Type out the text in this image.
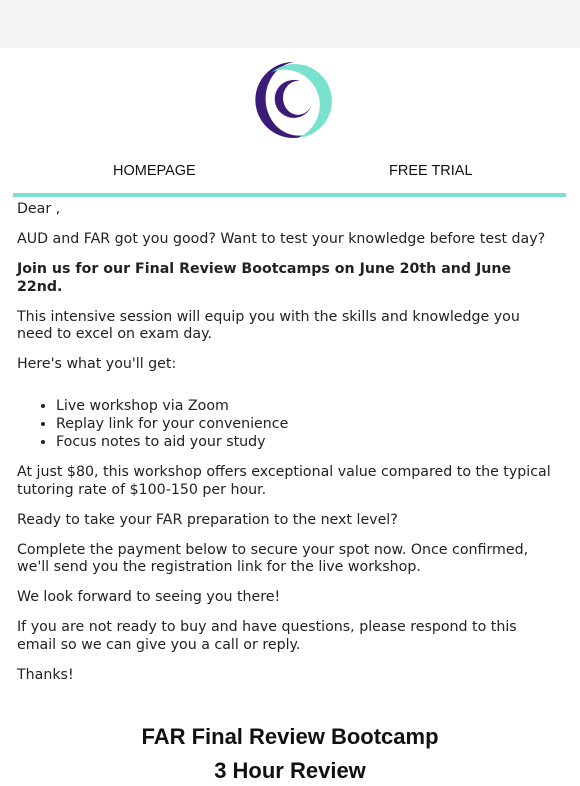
HOMEPAGE	FREE TRIAL

Dear ,

AUD and FAR got you good? Want to test your knowledge before test day?

Join us for our Final Review Bootcamps on June 20th and June 22nd.

This intensive session will equip you with the skills and knowledge you need to excel on exam day.

Here's what you'll get:

• Live workshop via Zoom
• Replay link for your convenience
• Focus notes to aid your study

At just $80, this workshop offers exceptional value compared to the typical tutoring rate of $100-150 per hour.

Ready to take your FAR preparation to the next level?

Complete the payment below to secure your spot now. Once confirmed, we'll send you the registration link for the live workshop.

We look forward to seeing you there!

If you are not ready to buy and have questions, please respond to this email so we can give you a call or reply.

Thanks!

FAR Final Review Bootcamp
3 Hour Review
